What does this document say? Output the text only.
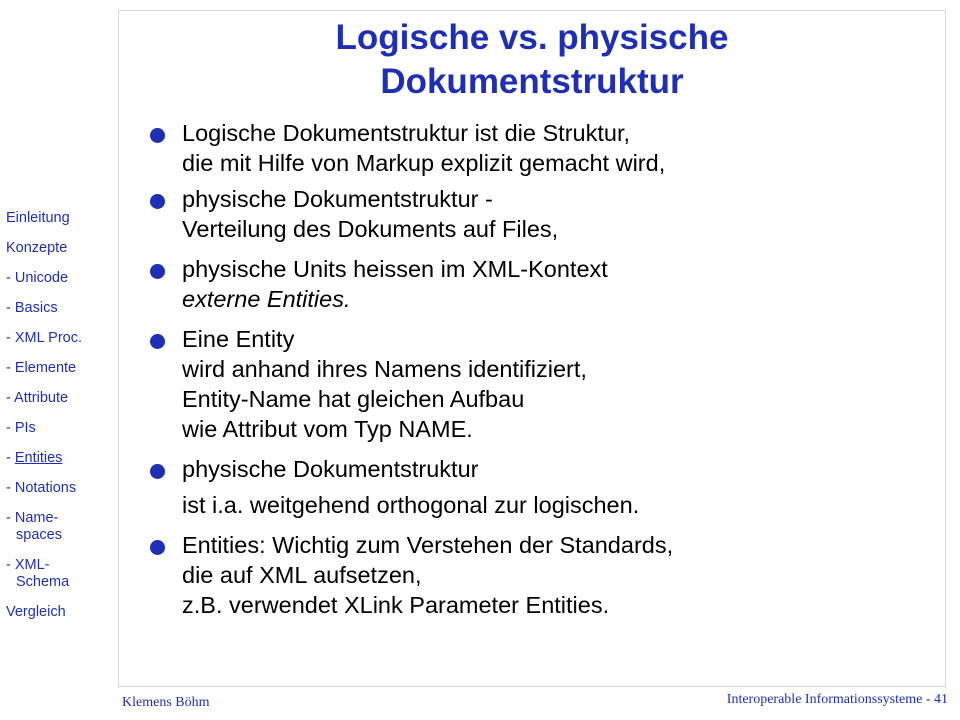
Logische vs. physische
Dokumentstruktur
Einleitung
Konzepte
- Unicode
- Basics
- XML Proc.
- Elemente
- Attribute
- PIs
- Entities
- Notations
- Name-
spaces
- XML-
Schema
Vergleich
Logische Dokumentstruktur ist die Struktur,
die mit Hilfe von Markup explizit gemacht wird,
physische Dokumentstruktur -
Verteilung des Dokuments auf Files,
physische Units heissen im XML-Kontext
externe Entities.
Eine Entity
wird anhand ihres Namens identifiziert,
Entity-Name hat gleichen Aufbau
wie Attribut vom Typ NAME.
physische Dokumentstruktur
ist i.a. weitgehend orthogonal zur logischen.
Entities: Wichtig zum Verstehen der Standards,
die auf XML aufsetzen,
z.B. verwendet XLink Parameter Entities.
Klemens Böhm	Interoperable Informationssysteme - 41
